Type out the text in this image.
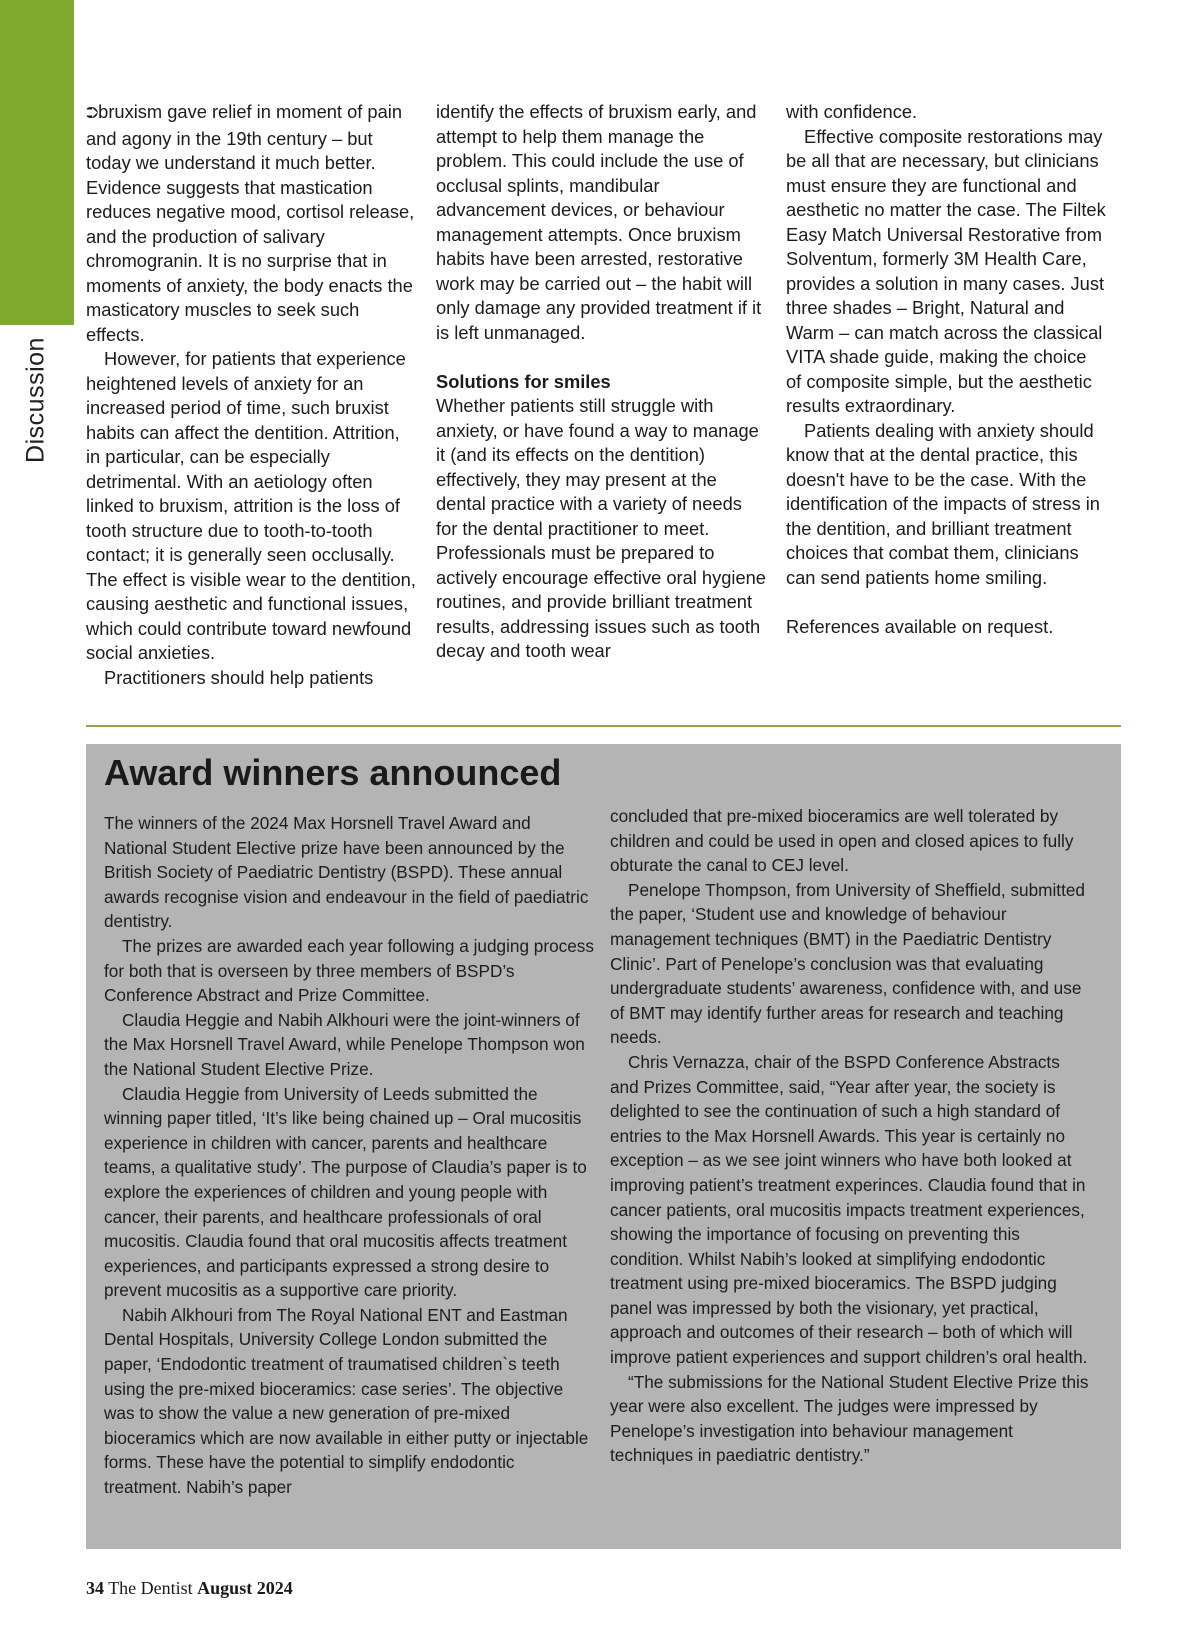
Discussion

⮊bruxism gave relief in moment of pain and agony in the 19th century – but today we understand it much better. Evidence suggests that mastication reduces negative mood, cortisol release, and the production of salivary chromogranin. It is no surprise that in moments of anxiety, the body enacts the masticatory muscles to seek such effects.

However, for patients that experience heightened levels of anxiety for an increased period of time, such bruxist habits can affect the dentition. Attrition, in particular, can be especially detrimental. With an aetiology often linked to bruxism, attrition is the loss of tooth structure due to tooth-to-tooth contact; it is generally seen occlusally. The effect is visible wear to the dentition, causing aesthetic and functional issues, which could contribute toward newfound social anxieties.

Practitioners should help patients

identify the effects of bruxism early, and attempt to help them manage the problem. This could include the use of occlusal splints, mandibular advancement devices, or behaviour management attempts. Once bruxism habits have been arrested, restorative work may be carried out – the habit will only damage any provided treatment if it is left unmanaged.

Solutions for smiles

Whether patients still struggle with anxiety, or have found a way to manage it (and its effects on the dentition) effectively, they may present at the dental practice with a variety of needs for the dental practitioner to meet. Professionals must be prepared to actively encourage effective oral hygiene routines, and provide brilliant treatment results, addressing issues such as tooth decay and tooth wear

with confidence.

Effective composite restorations may be all that are necessary, but clinicians must ensure they are functional and aesthetic no matter the case. The Filtek Easy Match Universal Restorative from Solventum, formerly 3M Health Care, provides a solution in many cases. Just three shades – Bright, Natural and Warm – can match across the classical VITA shade guide, making the choice of composite simple, but the aesthetic results extraordinary.

Patients dealing with anxiety should know that at the dental practice, this doesn't have to be the case. With the identification of the impacts of stress in the dentition, and brilliant treatment choices that combat them, clinicians can send patients home smiling.

References available on request.

Award winners announced

The winners of the 2024 Max Horsnell Travel Award and National Student Elective prize have been announced by the British Society of Paediatric Dentistry (BSPD). These annual awards recognise vision and endeavour in the field of paediatric dentistry.

The prizes are awarded each year following a judging process for both that is overseen by three members of BSPD’s Conference Abstract and Prize Committee.

Claudia Heggie and Nabih Alkhouri were the joint-winners of the Max Horsnell Travel Award, while Penelope Thompson won the National Student Elective Prize.

Claudia Heggie from University of Leeds submitted the winning paper titled, ‘It’s like being chained up – Oral mucositis experience in children with cancer, parents and healthcare teams, a qualitative study’. The purpose of Claudia’s paper is to explore the experiences of children and young people with cancer, their parents, and healthcare professionals of oral mucositis. Claudia found that oral mucositis affects treatment experiences, and participants expressed a strong desire to prevent mucositis as a supportive care priority.

Nabih Alkhouri from The Royal National ENT and Eastman Dental Hospitals, University College London submitted the paper, ‘Endodontic treatment of traumatised children`s teeth using the pre-mixed bioceramics: case series’. The objective was to show the value a new generation of pre-mixed bioceramics which are now available in either putty or injectable forms. These have the potential to simplify endodontic treatment. Nabih’s paper

concluded that pre-mixed bioceramics are well tolerated by children and could be used in open and closed apices to fully obturate the canal to CEJ level.

Penelope Thompson, from University of Sheffield, submitted the paper, ‘Student use and knowledge of behaviour management techniques (BMT) in the Paediatric Dentistry Clinic’. Part of Penelope’s conclusion was that evaluating undergraduate students’ awareness, confidence with, and use of BMT may identify further areas for research and teaching needs.

Chris Vernazza, chair of the BSPD Conference Abstracts and Prizes Committee, said, “Year after year, the society is delighted to see the continuation of such a high standard of entries to the Max Horsnell Awards. This year is certainly no exception – as we see joint winners who have both looked at improving patient’s treatment experinces. Claudia found that in cancer patients, oral mucositis impacts treatment experiences, showing the importance of focusing on preventing this condition. Whilst Nabih’s looked at simplifying endodontic treatment using pre-mixed bioceramics. The BSPD judging panel was impressed by both the visionary, yet practical, approach and outcomes of their research – both of which will improve patient experiences and support children’s oral health.

“The submissions for the National Student Elective Prize this year were also excellent. The judges were impressed by Penelope’s investigation into behaviour management techniques in paediatric dentistry.”

34 The Dentist August 2024
